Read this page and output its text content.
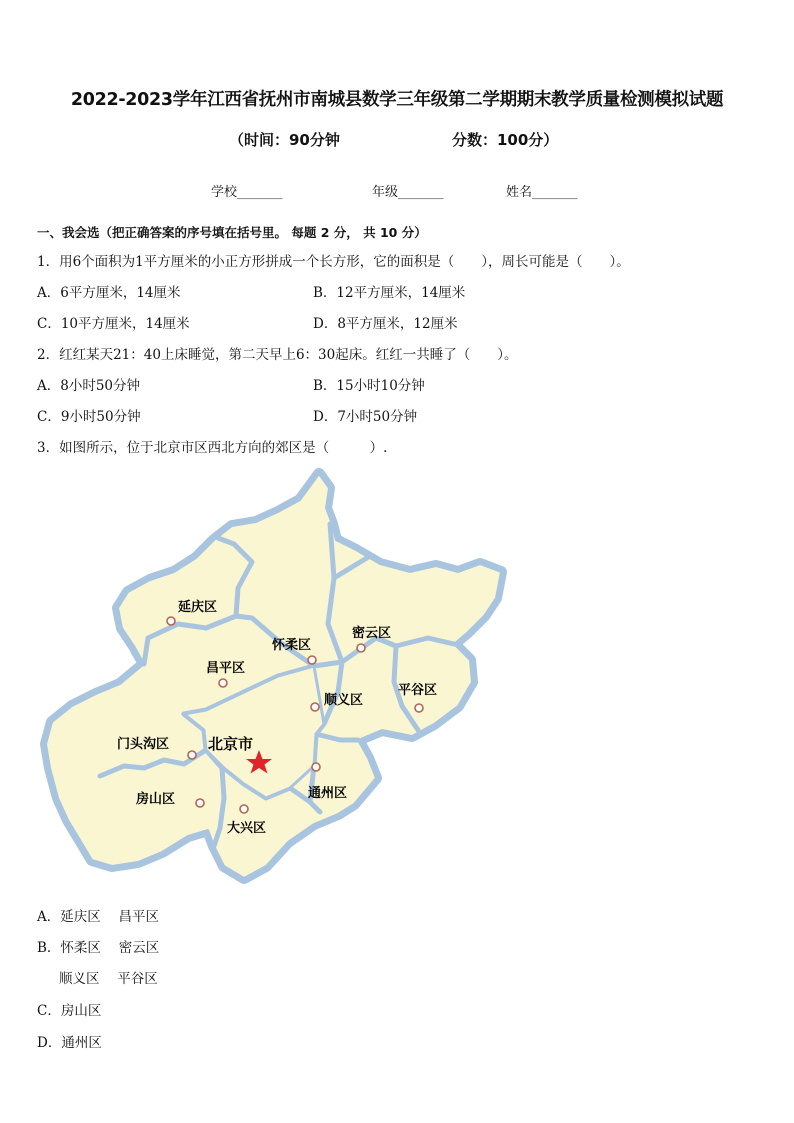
2022-2023学年江西省抚州市南城县数学三年级第二学期期末教学质量检测模拟试题
（时间：90分钟	分数：100分）
学校_______	年级_______	姓名_______
一、我会选（把正确答案的序号填在括号里。 每题 2 分， 共 10 分）
1．用6个面积为1平方厘米的小正方形拼成一个长方形，它的面积是（　　），周长可能是（　　）。
A．6平方厘米，14厘米	B．12平方厘米，14厘米
C．10平方厘米，14厘米	D．8平方厘米，12厘米
2．红红某天21：40上床睡觉，第二天早上6：30起床。红红一共睡了（　　）。
A．8小时50分钟	B．15小时10分钟
C．9小时50分钟	D．7小时50分钟
3．如图所示，位于北京市区西北方向的郊区是（　　　）.
延庆区
怀柔区
密云区
昌平区
顺义区
平谷区
门头沟区
通州区
房山区
大兴区
北京市
A．延庆区　 昌平区
B．怀柔区　 密云区
顺义区　 平谷区
C．房山区
D．通州区
